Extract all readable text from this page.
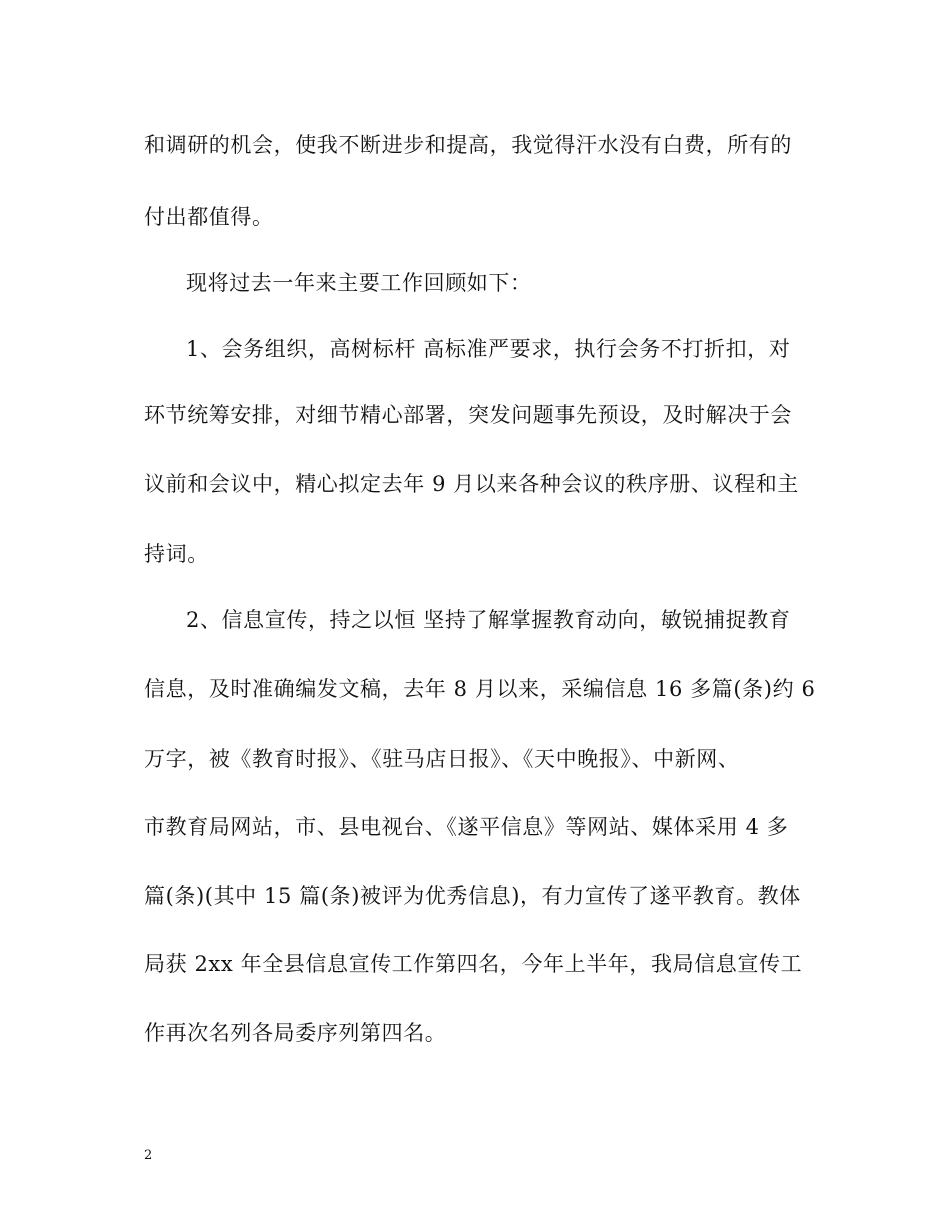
和调研的机会，使我不断进步和提高，我觉得汗水没有白费，所有的
付出都值得。
现将过去一年来主要工作回顾如下：
1、会务组织，高树标杆 高标准严要求，执行会务不打折扣，对
环节统筹安排，对细节精心部署，突发问题事先预设，及时解决于会
议前和会议中，精心拟定去年 9 月以来各种会议的秩序册、议程和主
持词。
2、信息宣传，持之以恒 坚持了解掌握教育动向，敏锐捕捉教育
信息，及时准确编发文稿，去年 8 月以来，采编信息 16 多篇(条)约 6
万字，被《教育时报》、《驻马店日报》、《天中晚报》、中新网、
市教育局网站，市、县电视台、《遂平信息》等网站、媒体采用 4 多
篇(条)(其中 15 篇(条)被评为优秀信息)，有力宣传了遂平教育。教体
局获 2xx 年全县信息宣传工作第四名，今年上半年，我局信息宣传工
作再次名列各局委序列第四名。
2
